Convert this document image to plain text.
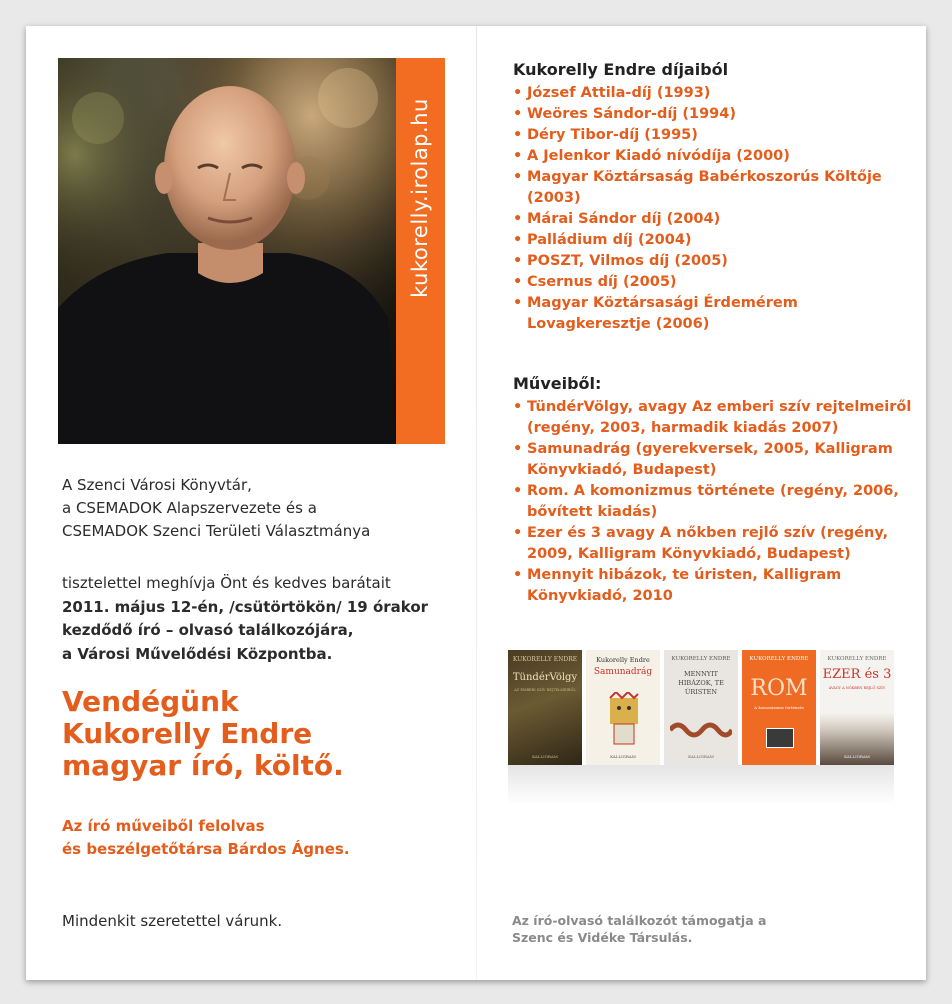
kukorelly.irolap.hu
A Szenci Városi Könyvtár,
a CSEMADOK Alapszervezete és a
CSEMADOK Szenci Területi Választmánya
tisztelettel meghívja Önt és kedves barátait
2011. május 12-én, /csütörtökön/ 19 órakor
kezdődő író – olvasó találkozójára,
a Városi Művelődési Központba.
Vendégünk
Kukorelly Endre
magyar író, költő.
Az író műveiből felolvas
és beszélgetőtársa Bárdos Ágnes.
Mindenkit szeretettel várunk.
Kukorelly Endre díjaiból
• József Attila-díj (1993)
• Weöres Sándor-díj (1994)
• Déry Tibor-díj (1995)
• A Jelenkor Kiadó nívódíja (2000)
• Magyar Köztársaság Babérkoszorús Költője (2003)
• Márai Sándor díj (2004)
• Palládium díj (2004)
• POSZT, Vilmos díj (2005)
• Csernus díj (2005)
• Magyar Köztársasági Érdemérem Lovagkeresztje (2006)
Műveiből:
• TündérVölgy, avagy Az emberi szív rejtelmeiről (regény, 2003, harmadik kiadás 2007)
• Samunadrág (gyerekversek, 2005, Kalligram Könyvkiadó, Budapest)
• Rom. A komonizmus története (regény, 2006, bővített kiadás)
• Ezer és 3 avagy A nőkben rejlő szív (regény, 2009, Kalligram Könyvkiadó, Budapest)
• Mennyit hibázok, te úristen, Kalligram Könyvkiadó, 2010
KUKORELLY ENDRE
TündérVölgy
AZ EMBERI SZÍV REJTELMEIRŐL
KALLIGRAM
Kukorelly Endre
Samunadrág
KALLIGRAM
KUKORELLY ENDRE
MENNYIT HIBÁZOK, TE ÚRISTEN
KALLIGRAM
KUKORELLY ENDRE
ROM
A komonizmus története
KUKORELLY ENDRE
EZER és 3
AVAGY A NŐKBEN REJLŐ SZÍV
KALLIGRAM
Az író-olvasó találkozót támogatja a
Szenc és Vidéke Társulás.
